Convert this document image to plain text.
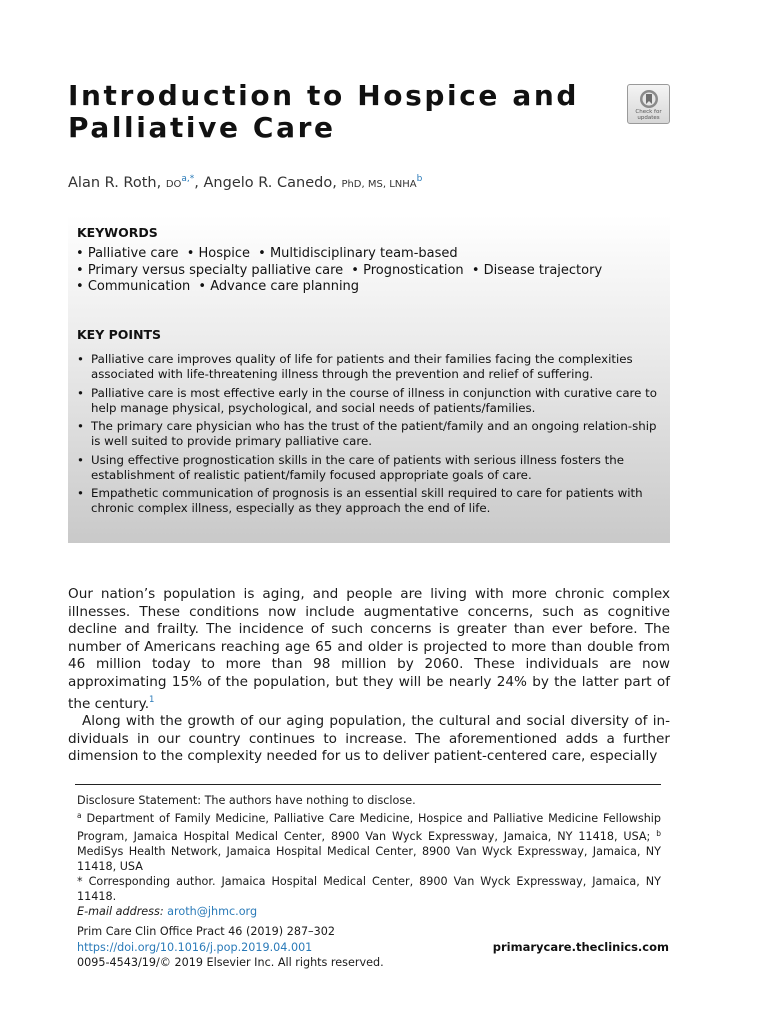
Introduction to Hospice and
Palliative Care	Check for
updates
Alan R. Roth, $DO^{a,*}$, Angelo R. Canedo, PhD, MS, LNHA$^b$
KEYWORDS
• Palliative care • Hospice • Multidisciplinary team-based
• Primary versus specialty palliative care • Prognostication • Disease trajectory
• Communication • Advance care planning
KEY POINTS
• Palliative care improves quality of life for patients and their families facing the complexities associated with life-threatening illness through the prevention and relief of suffering.
• Palliative care is most effective early in the course of illness in conjunction with curative care to help manage physical, psychological, and social needs of patients/families.
• The primary care physician who has the trust of the patient/family and an ongoing relation-ship is well suited to provide primary palliative care.
• Using effective prognostication skills in the care of patients with serious illness fosters the establishment of realistic patient/family focused appropriate goals of care.
• Empathetic communication of prognosis is an essential skill required to care for patients with chronic complex illness, especially as they approach the end of life.

Our nation’s population is aging, and people are living with more chronic complex illnesses. These conditions now include augmentative concerns, such as cognitive decline and frailty. The incidence of such concerns is greater than ever before. The number of Americans reaching age 65 and older is projected to more than double from 46 million today to more than 98 million by 2060. These individuals are now approximating 15% of the population, but they will be nearly 24% by the latter part of the century.$^1$

Along with the growth of our aging population, the cultural and social diversity of in-dividuals in our country continues to increase. The aforementioned adds a further dimension to the complexity needed for us to deliver patient-centered care, especially

Disclosure Statement: The authors have nothing to disclose.
$^a$ Department of Family Medicine, Palliative Care Medicine, Hospice and Palliative Medicine Fellowship Program, Jamaica Hospital Medical Center, 8900 Van Wyck Expressway, Jamaica, NY 11418, USA; $^b$ MediSys Health Network, Jamaica Hospital Medical Center, 8900 Van Wyck Expressway, Jamaica, NY 11418, USA
* Corresponding author. Jamaica Hospital Medical Center, 8900 Van Wyck Expressway, Jamaica, NY 11418.
E-mail address: aroth@jhmc.org
Prim Care Clin Office Pract 46 (2019) 287–302
https://doi.org/10.1016/j.pop.2019.04.001
0095-4543/19/© 2019 Elsevier Inc. All rights reserved.
primarycare.theclinics.com
